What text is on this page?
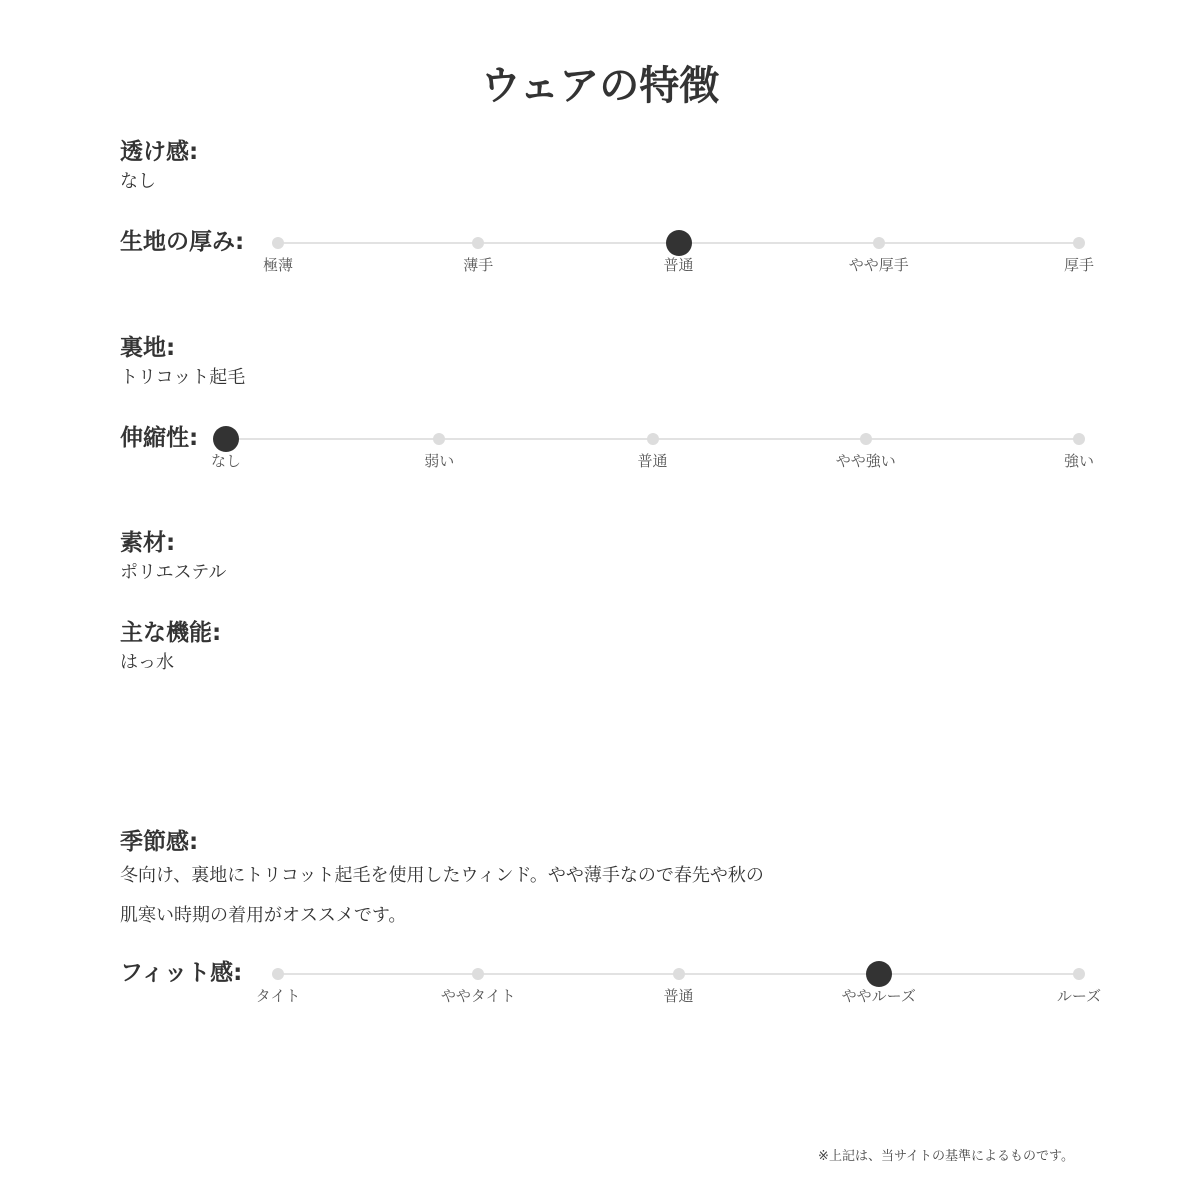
ウェアの特徴
透け感:
なし
生地の厚み:
極薄	薄手	普通	やや厚手	厚手
裏地:
トリコット起毛
伸縮性:
なし	弱い	普通	やや強い	強い
素材:
ポリエステル
主な機能:
はっ水
季節感:
冬向け、裏地にトリコット起毛を使用したウィンド。やや薄手なので春先や秋の
肌寒い時期の着用がオススメです。
フィット感:
タイト	ややタイト	普通	ややルーズ	ルーズ
※上記は、当サイトの基準によるものです。
